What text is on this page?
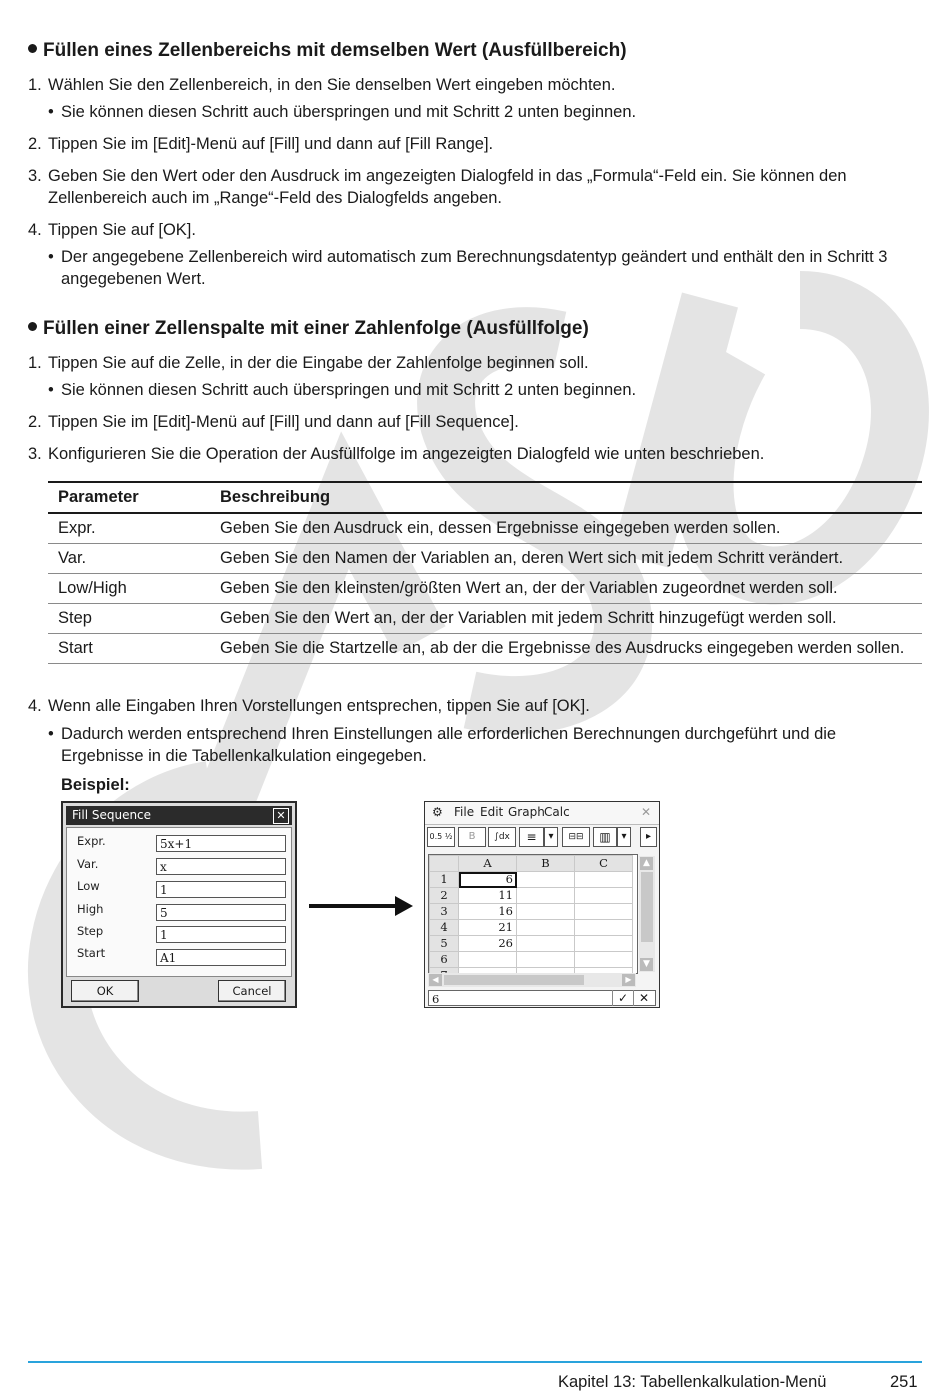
Füllen eines Zellenbereichs mit demselben Wert (Ausfüllbereich)
1. Wählen Sie den Zellenbereich, in den Sie denselben Wert eingeben möchten.
• Sie können diesen Schritt auch überspringen und mit Schritt 2 unten beginnen.
2. Tippen Sie im [Edit]-Menü auf [Fill] und dann auf [Fill Range].
3. Geben Sie den Wert oder den Ausdruck im angezeigten Dialogfeld in das „Formula“-Feld ein. Sie können den Zellenbereich auch im „Range“-Feld des Dialogfelds angeben.
4. Tippen Sie auf [OK].
• Der angegebene Zellenbereich wird automatisch zum Berechnungsdatentyp geändert und enthält den in Schritt 3 angegebenen Wert.
Füllen einer Zellenspalte mit einer Zahlenfolge (Ausfüllfolge)
1. Tippen Sie auf die Zelle, in der die Eingabe der Zahlenfolge beginnen soll.
• Sie können diesen Schritt auch überspringen und mit Schritt 2 unten beginnen.
2. Tippen Sie im [Edit]-Menü auf [Fill] und dann auf [Fill Sequence].
3. Konfigurieren Sie die Operation der Ausfüllfolge im angezeigten Dialogfeld wie unten beschrieben.
Parameter	Beschreibung
Expr.	Geben Sie den Ausdruck ein, dessen Ergebnisse eingegeben werden sollen.
Var.	Geben Sie den Namen der Variablen an, deren Wert sich mit jedem Schritt verändert.
Low/High	Geben Sie den kleinsten/größten Wert an, der der Variablen zugeordnet werden soll.
Step	Geben Sie den Wert an, der der Variablen mit jedem Schritt hinzugefügt werden soll.
Start	Geben Sie die Startzelle an, ab der die Ergebnisse des Ausdrucks eingegeben werden sollen.
4. Wenn alle Eingaben Ihren Vorstellungen entsprechen, tippen Sie auf [OK].
• Dadurch werden entsprechend Ihren Einstellungen alle erforderlichen Berechnungen durchgeführt und die Ergebnisse in die Tabellenkalkulation eingegeben.
Beispiel:
Fill Sequence	✕
Expr.	5x+1
Var.	x
Low	1
High	5
Step	1
Start	A1
OK	Cancel
⚙ File Edit Graph Calc	✕
0.5 ½	B	∫dx	≡	▾	⊟⊟	▥	▾	▸
	A	B	C
1	6		
2	11		
3	16		
4	21		
5	26		
6			

▲
▼
◀	▶
6	✓ ✕
Kapitel 13: Tabellenkalkulation-Menü	251
